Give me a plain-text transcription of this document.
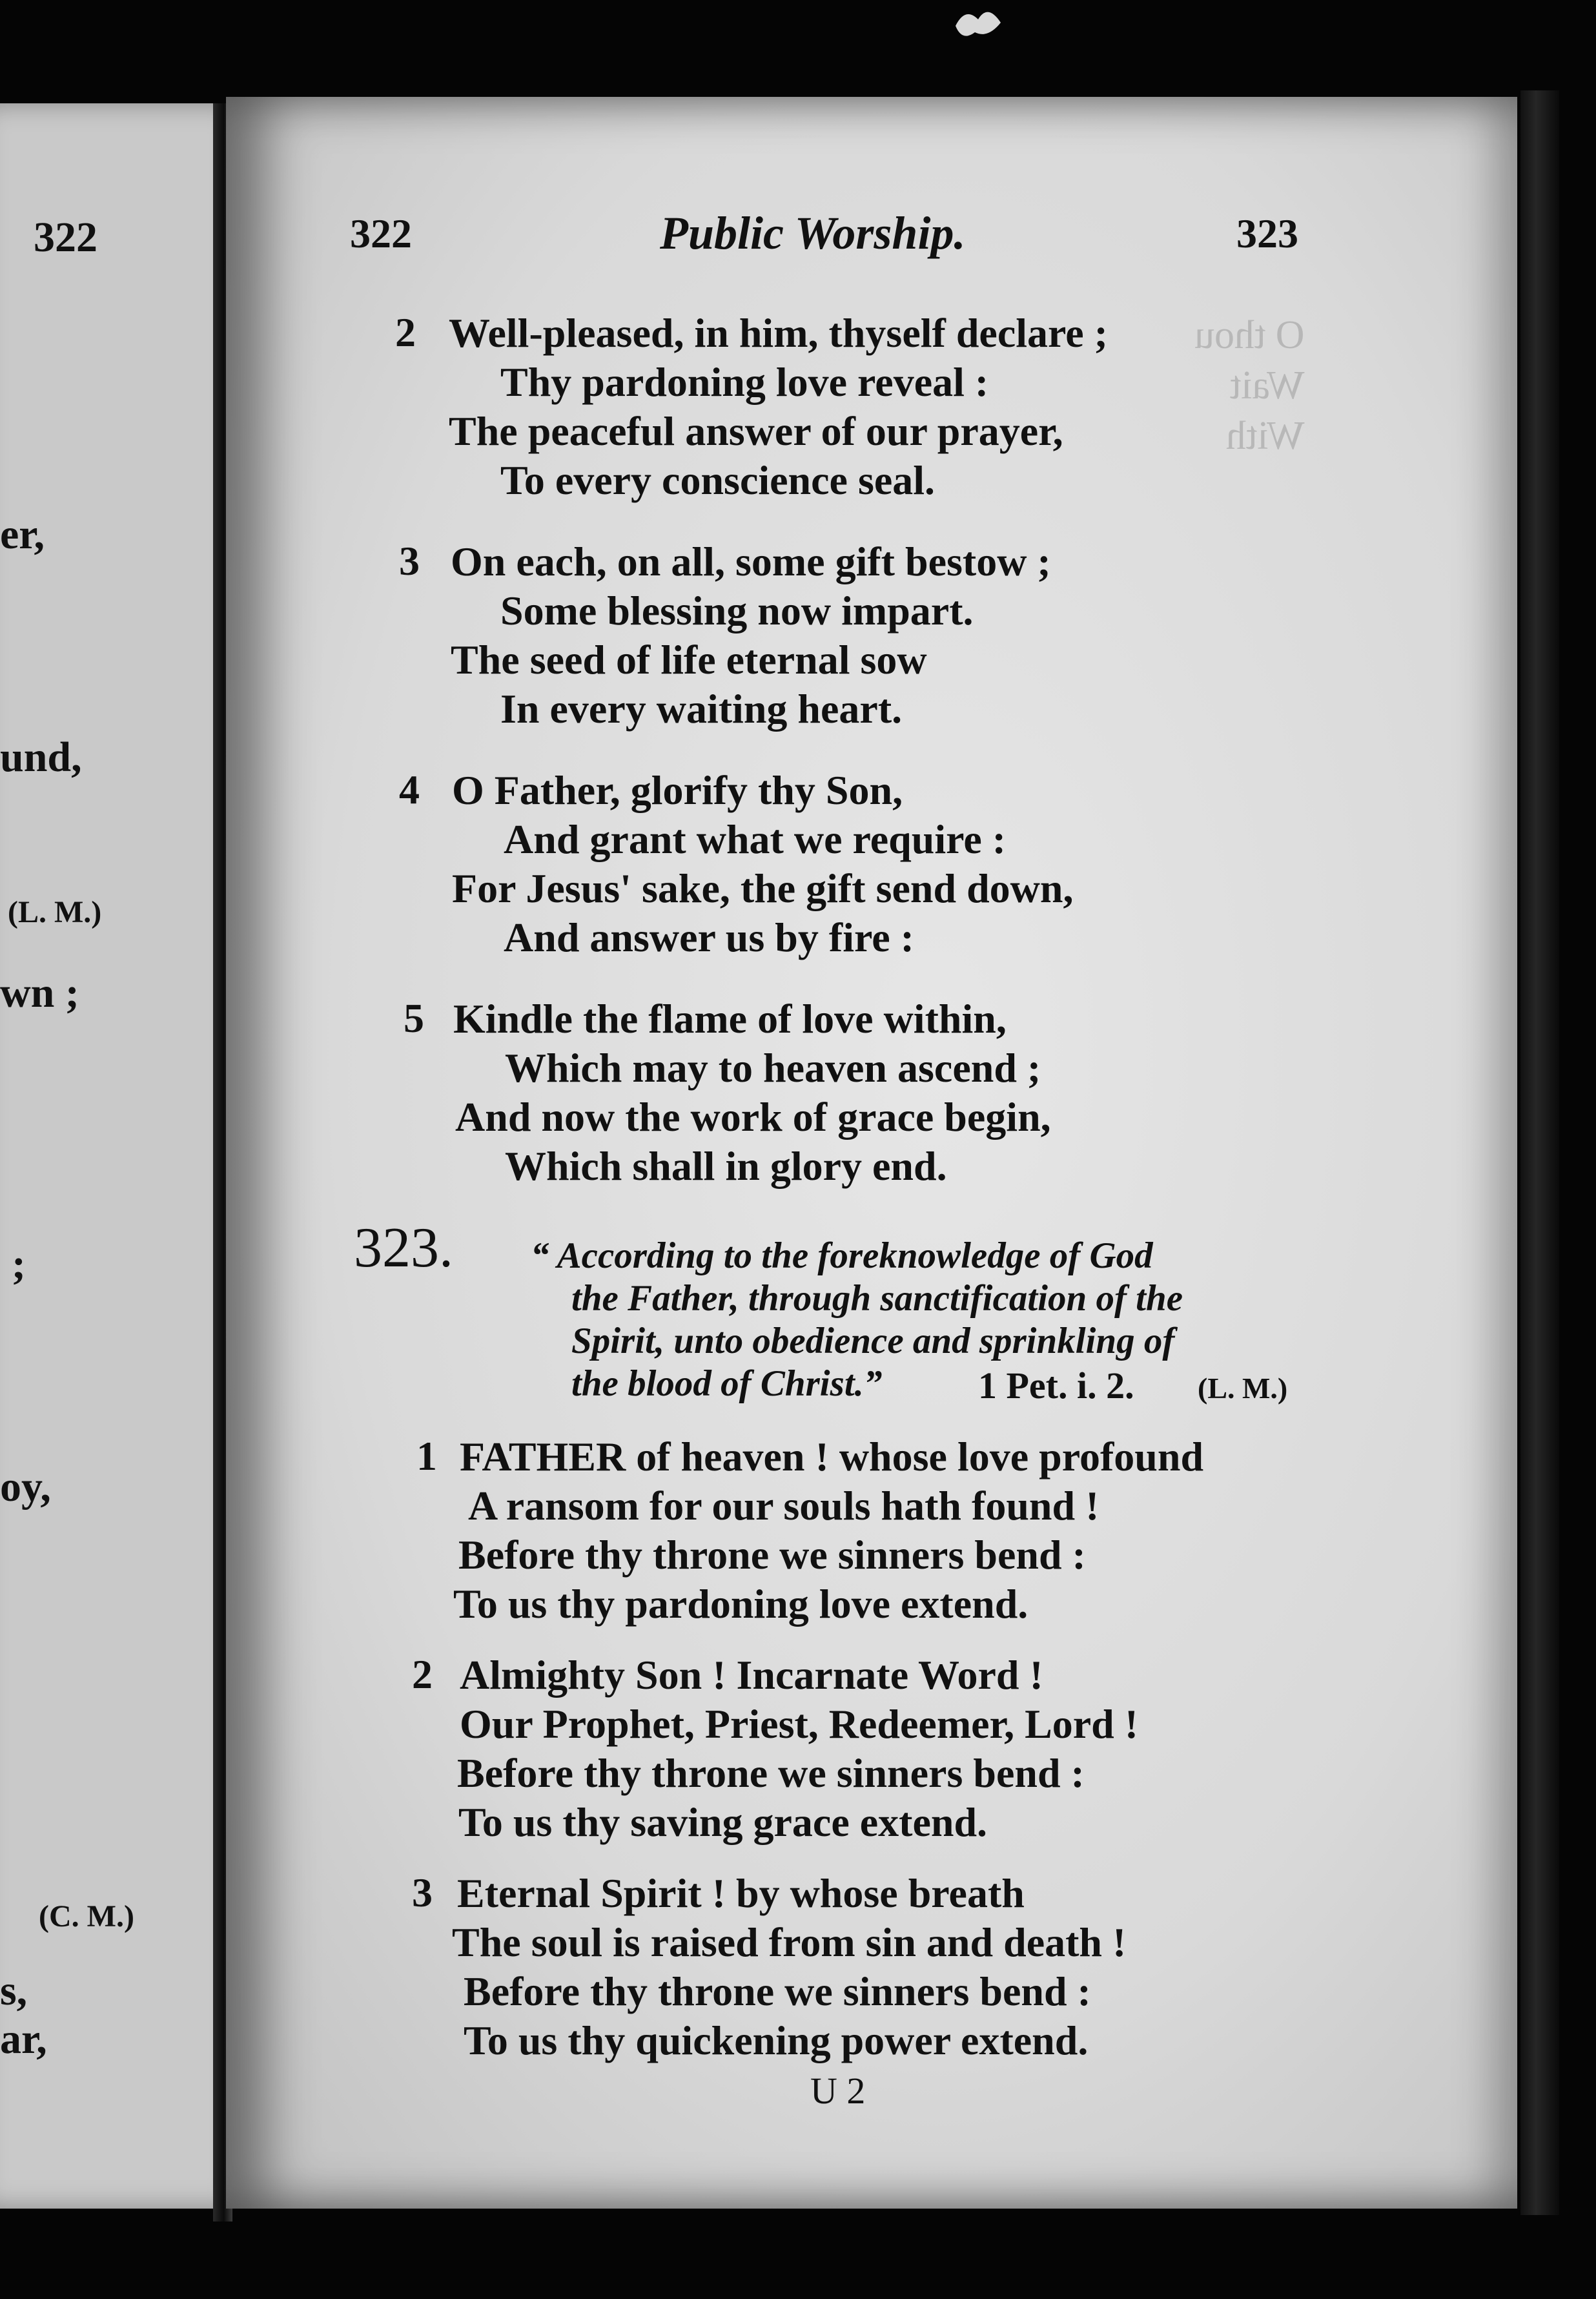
322
er,
und,
(L. M.)
wn ;
;
oy,
(C. M.)
s,
ar,
O thou
Wait
With
322	Public Worship.	323
2 Well-pleased, in him, thyself declare ;
Thy pardoning love reveal :
The peaceful answer of our prayer,
To every conscience seal.
3 On each, on all, some gift bestow ;
Some blessing now impart.
The seed of life eternal sow
In every waiting heart.
4 O Father, glorify thy Son,
And grant what we require :
For Jesus' sake, the gift send down,
And answer us by fire :
5 Kindle the flame of love within,
Which may to heaven ascend ;
And now the work of grace begin,
Which shall in glory end.
323. “ According to the foreknowledge of God
the Father, through sanctification of the
Spirit, unto obedience and sprinkling of
the blood of Christ.”	1 Pet. i. 2. (L. M.)
1 FATHER of heaven ! whose love profound
A ransom for our souls hath found !
Before thy throne we sinners bend :
To us thy pardoning love extend.
2 Almighty Son ! Incarnate Word !
Our Prophet, Priest, Redeemer, Lord !
Before thy throne we sinners bend :
To us thy saving grace extend.
3 Eternal Spirit ! by whose breath
The soul is raised from sin and death !
Before thy throne we sinners bend :
To us thy quickening power extend.
U 2
